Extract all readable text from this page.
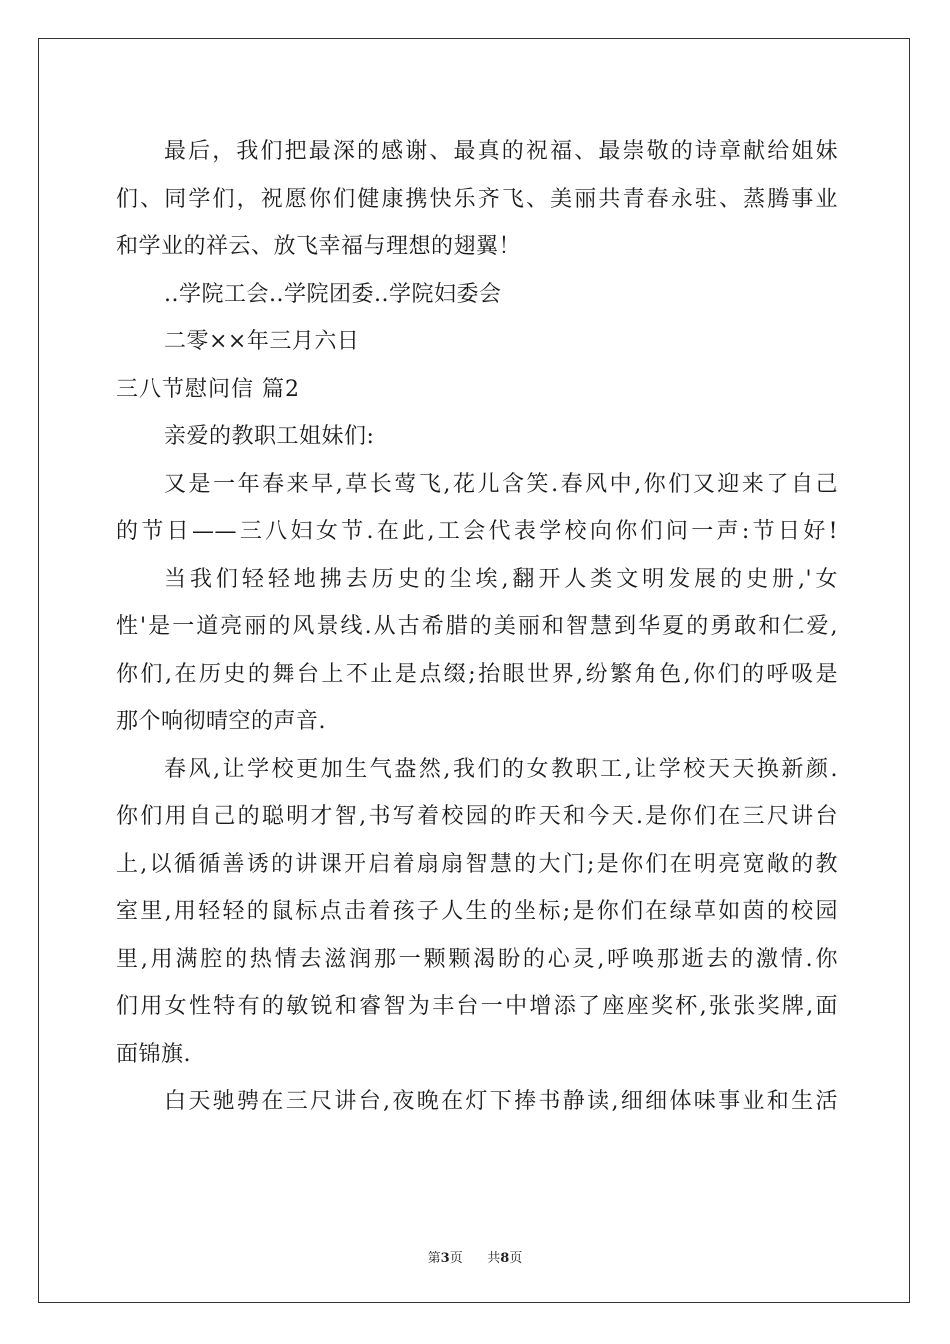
最后，我们把最深的感谢、最真的祝福、最崇敬的诗章献给姐妹
们、同学们，祝愿你们健康携快乐齐飞、美丽共青春永驻、蒸腾事业
和学业的祥云、放飞幸福与理想的翅翼！
..学院工会..学院团委..学院妇委会
二零××年三月六日
三八节慰问信 篇2
亲爱的教职工姐妹们:
又是一年春来早,草长莺飞,花儿含笑.春风中,你们又迎来了自己
的节日——三八妇女节.在此,工会代表学校向你们问一声:节日好!
当我们轻轻地拂去历史的尘埃,翻开人类文明发展的史册,'女
性'是一道亮丽的风景线.从古希腊的美丽和智慧到华夏的勇敢和仁爱,
你们,在历史的舞台上不止是点缀;抬眼世界,纷繁角色,你们的呼吸是
那个响彻晴空的声音.
春风,让学校更加生气盎然,我们的女教职工,让学校天天换新颜.
你们用自己的聪明才智,书写着校园的昨天和今天.是你们在三尺讲台
上,以循循善诱的讲课开启着扇扇智慧的大门;是你们在明亮宽敞的教
室里,用轻轻的鼠标点击着孩子人生的坐标;是你们在绿草如茵的校园
里,用满腔的热情去滋润那一颗颗渴盼的心灵,呼唤那逝去的激情.你
们用女性特有的敏锐和睿智为丰台一中增添了座座奖杯,张张奖牌,面
面锦旗.
白天驰骋在三尺讲台,夜晚在灯下捧书静读,细细体味事业和生活
第3页 共8页
